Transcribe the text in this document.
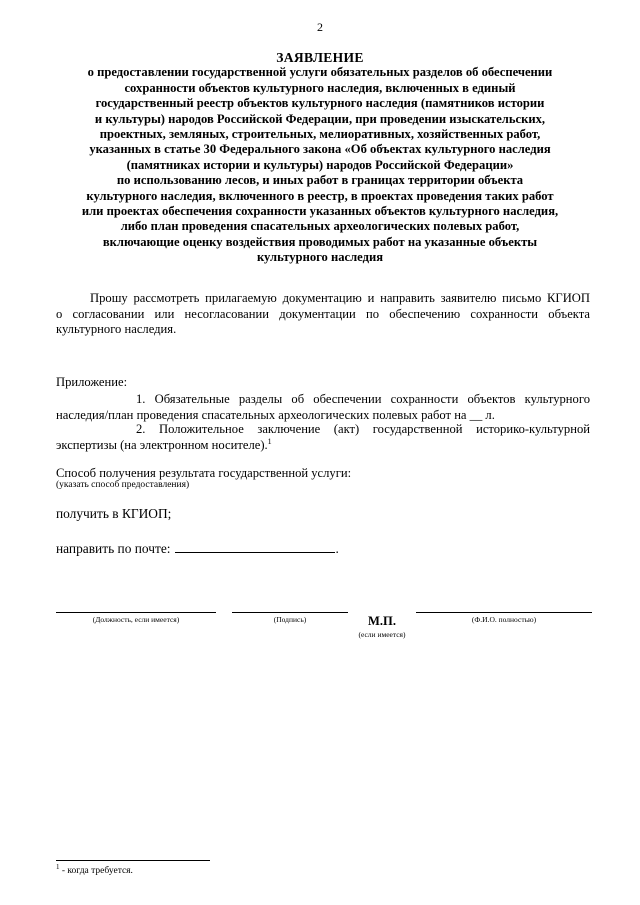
2
ЗАЯВЛЕНИЕ
о предоставлении государственной услуги обязательных разделов об обеспечении
сохранности объектов культурного наследия, включенных в единый
государственный реестр объектов культурного наследия (памятников истории
и культуры) народов Российской Федерации, при проведении изыскательских,
проектных, земляных, строительных, мелиоративных, хозяйственных работ,
указанных в статье 30 Федерального закона «Об объектах культурного наследия
(памятниках истории и культуры) народов Российской Федерации»
по использованию лесов, и иных работ в границах территории объекта
культурного наследия, включенного в реестр, в проектах проведения таких работ
или проектах обеспечения сохранности указанных объектов культурного наследия,
либо план проведения спасательных археологических полевых работ,
включающие оценку воздействия проводимых работ на указанные объекты
культурного наследия
Прошу рассмотреть прилагаемую документацию и направить заявителю письмо КГИОП
о согласовании или несогласовании документации по обеспечению сохранности объекта
культурного наследия.
Приложение:
1. Обязательные разделы об обеспечении сохранности объектов культурного
наследия/план проведения спасательных археологических полевых работ на __ л.
2. Положительное заключение (акт) государственной историко-культурной
экспертизы (на электронном носителе).$^1$
Способ получения результата государственной услуги:
(указать способ предоставления)
получить в КГИОП;
направить по почте:	.
(Должность, если имеется)	(Подпись)	М.П.
(если имеется)
(Ф.И.О. полностью)
$^1$ - когда требуется.
